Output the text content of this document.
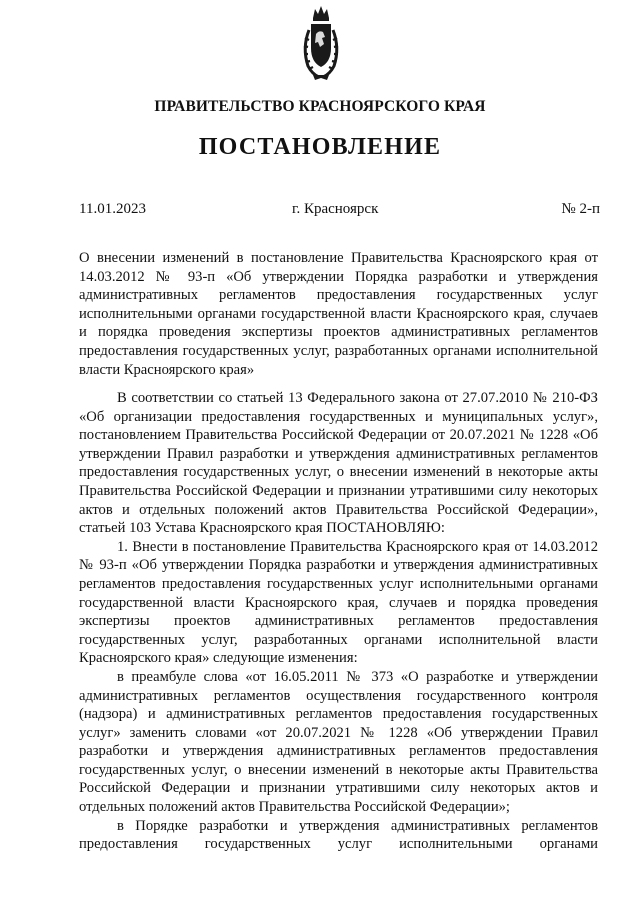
ПРАВИТЕЛЬСТВО КРАСНОЯРСКОГО КРАЯ
ПОСТАНОВЛЕНИЕ
11.01.2023	г. Красноярск	№ 2-п
О внесении изменений в постановление Правительства Красноярского края от 14.03.2012 № 93-п «Об утверждении Порядка разработки и утверждения административных регламентов предоставления государственных услуг исполнительными органами государственной власти Красноярского края, случаев и порядка проведения экспертизы проектов административных регламентов предоставления государственных услуг, разработанных органами исполнительной власти Красноярского края»

В соответствии со статьей 13 Федерального закона от 27.07.2010 № 210-ФЗ «Об организации предоставления государственных и муниципальных услуг», постановлением Правительства Российской Федерации от 20.07.2021 № 1228 «Об утверждении Правил разработки и утверждения административных регламентов предоставления государственных услуг, о внесении изменений в некоторые акты Правительства Российской Федерации и признании утратившими силу некоторых актов и отдельных положений актов Правительства Российской Федерации», статьей 103 Устава Красноярского края ПОСТАНОВЛЯЮ:

1. Внести в постановление Правительства Красноярского края от 14.03.2012 № 93-п «Об утверждении Порядка разработки и утверждения административных регламентов предоставления государственных услуг исполнительными органами государственной власти Красноярского края, случаев и порядка проведения экспертизы проектов административных регламентов предоставления государственных услуг, разработанных органами исполнительной власти Красноярского края» следующие изменения:

в преамбуле слова «от 16.05.2011 № 373 «О разработке и утверждении административных регламентов осуществления государственного контроля (надзора) и административных регламентов предоставления государственных услуг» заменить словами «от 20.07.2021 № 1228 «Об утверждении Правил разработки и утверждения административных регламентов предоставления государственных услуг, о внесении изменений в некоторые акты Правительства Российской Федерации и признании утратившими силу некоторых актов и отдельных положений актов Правительства Российской Федерации»;

в Порядке разработки и утверждения административных регламентов предоставления государственных услуг исполнительными органами
